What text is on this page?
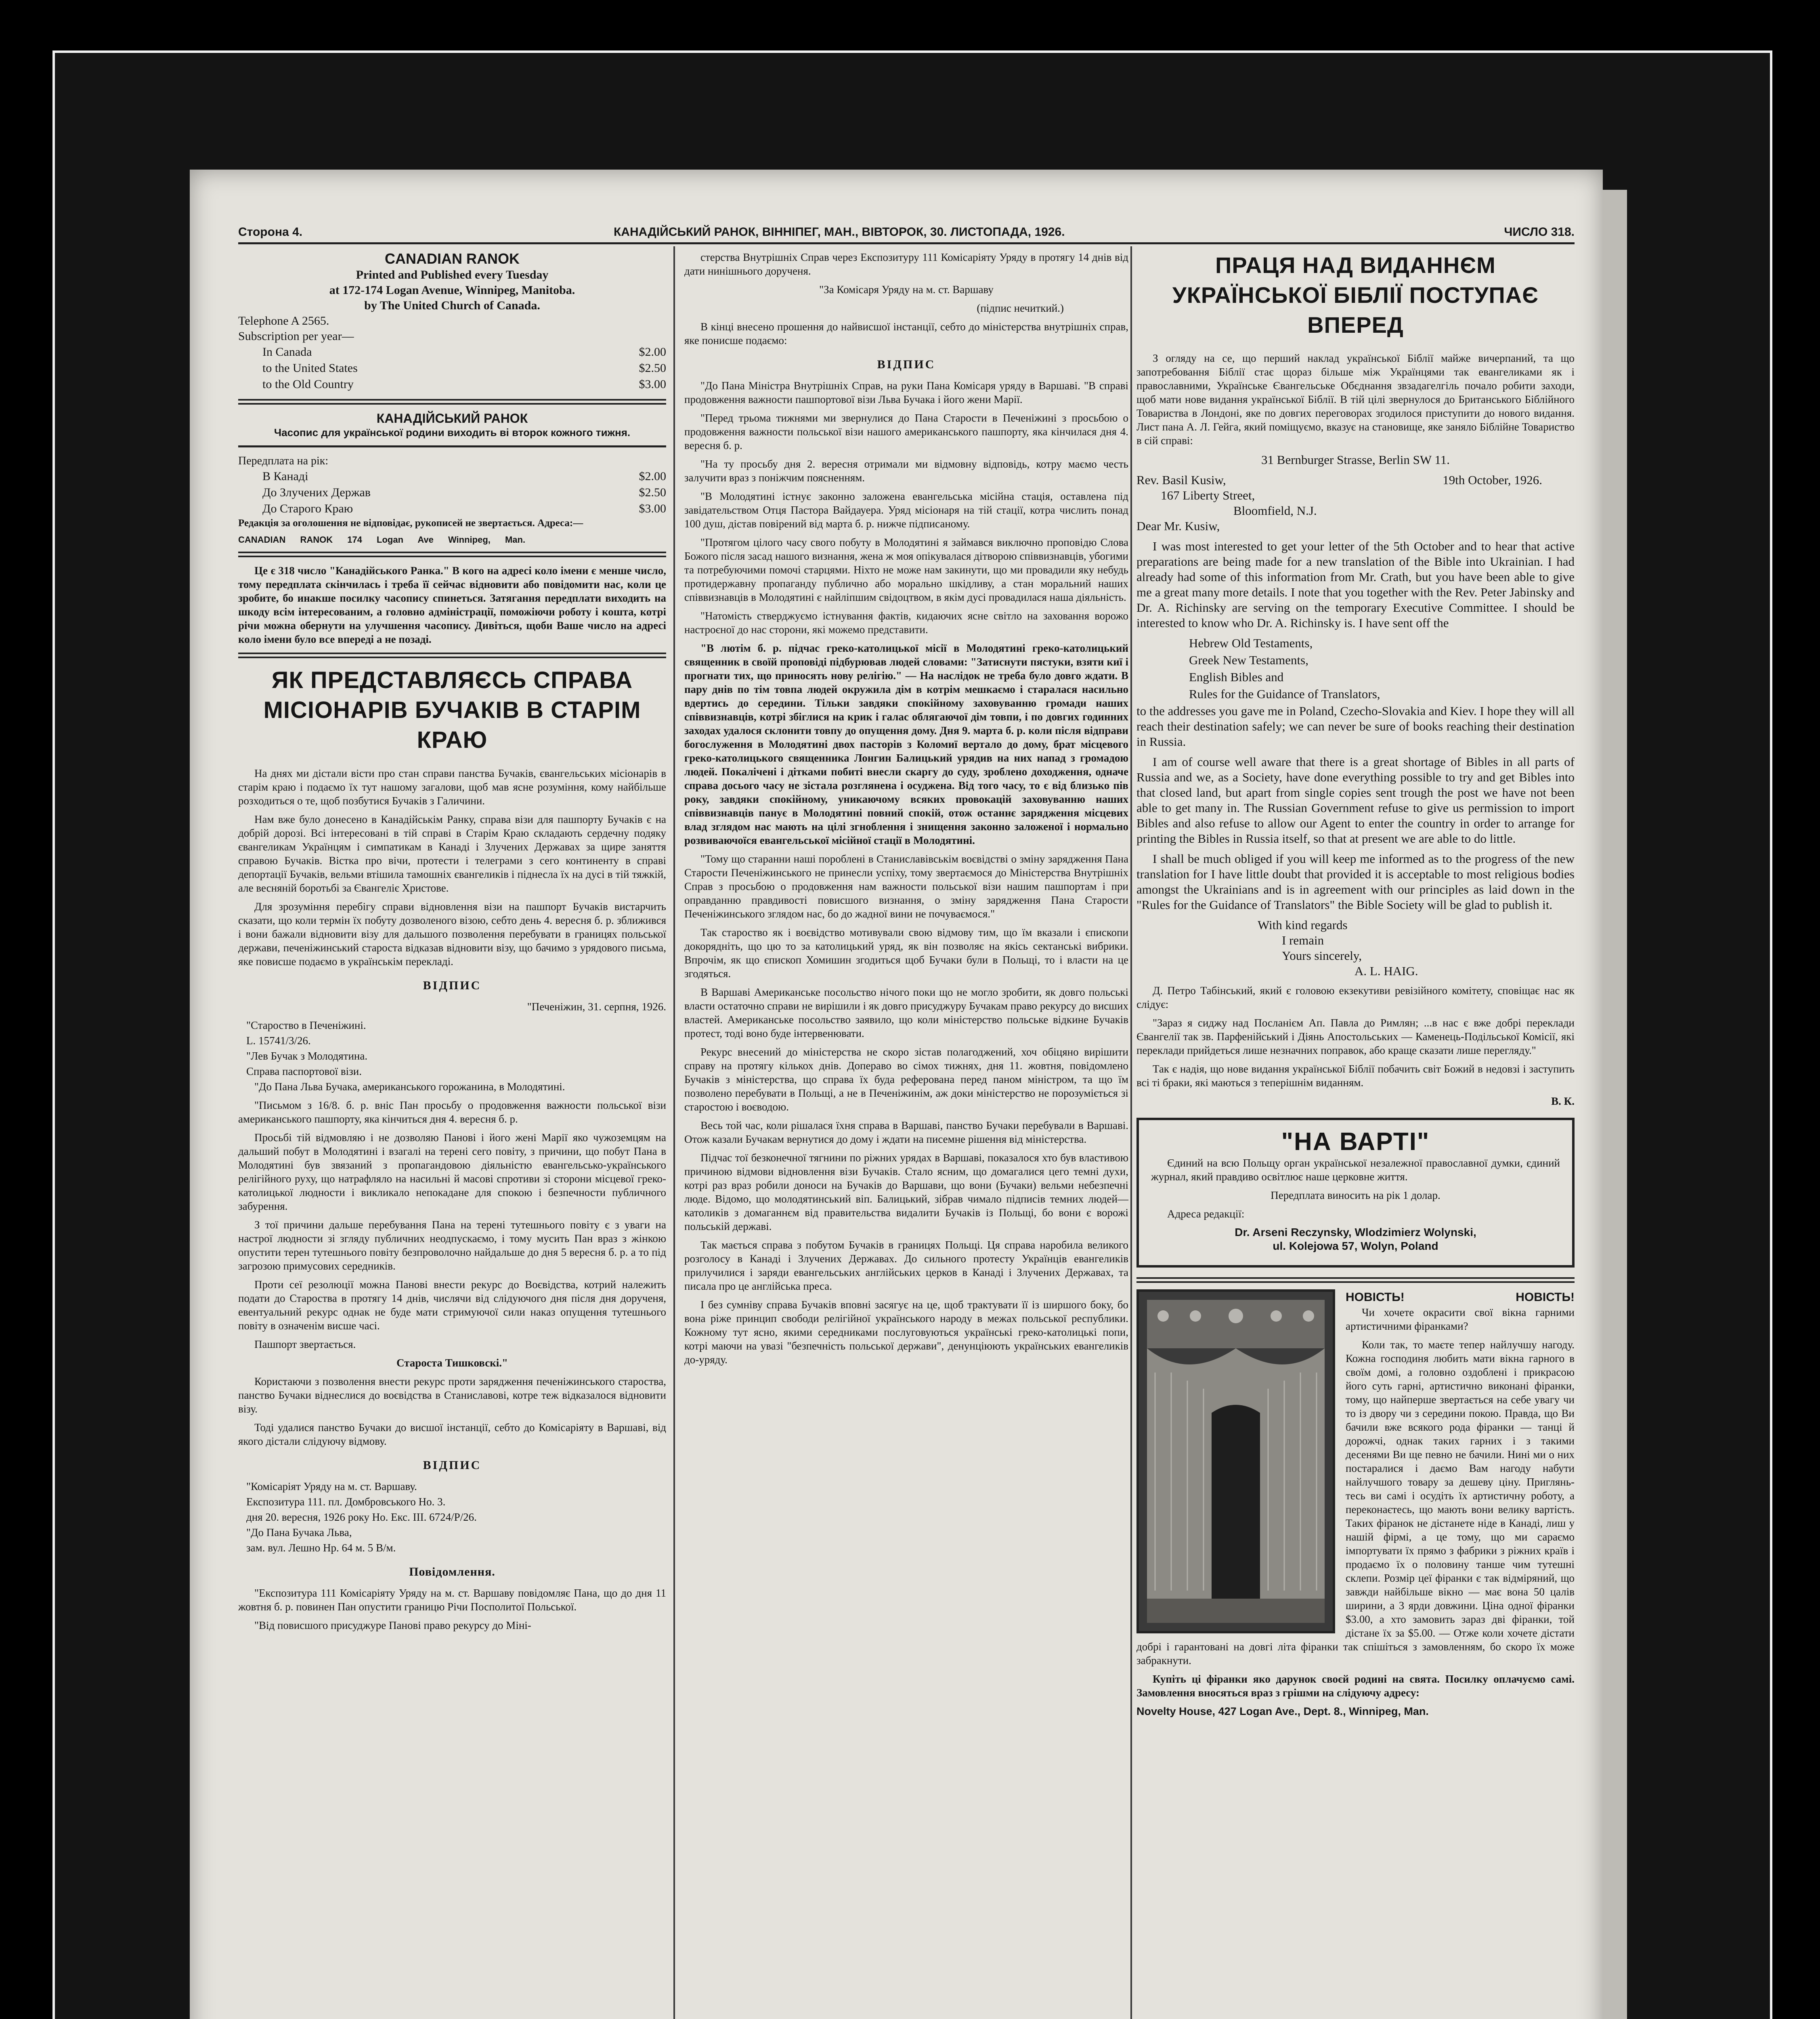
Сторона 4.	КАНАДІЙСЬКИЙ РАНОК, ВІННІПЕГ, МАН., ВІВТОРОК, 30. ЛИСТОПАДА, 1926.	ЧИСЛО 318.
CANADIAN RANOK
Printed and Published every Tuesday
at 172-174 Logan Avenue, Winnipeg, Manitoba.
by The United Church of Canada.
Telephone A 2565.
Subscription per year—
In Canada	$2.00
to the United States	$2.50
to the Old Country	$3.00
КАНАДІЙСЬКИЙ РАНОК
Часопис для української родини виходить ві второк кожного тижня.
Передплата на рік:
В Канаді	$2.00
До Злучених Держав	$2.50
До Старого Краю	$3.00

Редакція за оголошення не відповідає, рукописей не звертається. Адреса:—

CANADIAN RANOK 174 Logan Ave Winnipeg, Man.

Це є 318 число "Канадійського Ранка." В кого на адресі коло імени є менше число, тому передплата скінчилась і треба її сейчас відновити або повідомити нас, коли це зробите, бо инакше посилку часопису спинеться. Затягання передплати виходить на шкоду всім інтересованим, а головно адміністрації, поможіючи роботу і кошта, котрі річи можна обернути на улучшення часопису. Дивіться, щоби Ваше число на адресі коло імени було все впереді а не позаді.

ЯК ПРЕДСТАВЛЯЄСЬ СПРАВА МІСІОНАРІВ БУЧАКІВ В СТАРІМ КРАЮ

На днях ми дістали вісти про стан справи панства Бучаків, євангельських місіонарів в старім краю і подаємо їх тут нашому загалови, щоб мав ясне розуміння, кому найбільше розходиться о те, щоб позбутися Бучаків з Галичини.

Нам вже було донесено в Канадійськім Ранку, справа візи для пашпорту Бучаків є на добрій дорозі. Всі інтересовані в тій справі в Старім Краю складають сердечну подяку євангеликам Українцям і симпатикам в Канаді і Злучених Державах за щире заняття справою Бучаків. Вістка про вічи, протести і телеграми з сего континенту в справі депортації Бучаків, вельми втішила тамошніх євангеликів і піднесла їх на дусі в тій тяжкій, але весняній боротьбі за Євангеліє Христове.

Для зрозуміння перебігу справи відновлення візи на пашпорт Бучаків вистарчить сказати, що коли термін їх побуту дозволеного візою, себто день 4. вересня б. р. зближився і вони бажали відновити візу для дальшого позволення перебувати в границях польської держави, печеніжинський староста відказав відновити візу, що бачимо з урядового письма, яке повисше подаємо в українськім перекладі.

ВІДПИС

"Печеніжин, 31. серпня, 1926.

"Староство в Печеніжині.

L. 15741/3/26.

"Лев Бучак з Молодятина.

Справа паспортової візи.

"До Пана Льва Бучака, американського горожанина, в Молодятині.

"Письмом з 16/8. б. р. вніс Пан просьбу о продовження важности польської візи американського пашпорту, яка кінчиться дня 4. вересня б. р.

Просьбі тій відмовляю і не дозволяю Панові і його жені Марії яко чужоземцям на дальший побут в Молодятині і взагалі на терені сего повіту, з причини, що побут Пана в Молодятині був звязаний з пропагандовою діяльністю евангельсько-українського релігійного руху, що натрафляло на насильні й масові спротиви зі сторони місцевої греко-католицької людности і викликало непокадане для спокою і безпечности публичного забурення.

З тої причини дальше перебування Пана на терені тутешнього повіту є з уваги на настрої людности зі згляду публичних неодпускаємо, і тому мусить Пан враз з жінкою опустити терен тутешнього повіту безпроволочно найдальше до дня 5 вересня б. р. а то під загрозою примусових середників.

Проти сеї резолюції можна Панові внести рекурс до Воєвідства, котрий належить подати до Староства в протягу 14 днів, числячи від слідуючого дня після дня дорученя, евентуальний рекурс однак не буде мати стримуючої сили наказ опущення тутешнього повіту в означенім висше часі.

Пашпорт звертається.

Староста Тишковскі."

Користаючи з позволення внести рекурс проти зарядження печеніжинського староства, панство Бучаки віднеслися до воєвідства в Станиславові, котре теж відказалося відновити візу.

Тоді удалися панство Бучаки до висшої інстанції, себто до Комісаріяту в Варшаві, від якого дістали слідуючу відмову.

ВІДПИС

"Комісаріят Уряду на м. ст. Варшаву.

Експозитура 111. пл. Домбровського Но. 3.

дня 20. вересня, 1926 року Но. Екс. ІІІ. 6724/Р/26.

"До Пана Бучака Льва,

зам. вул. Лешно Нр. 64 м. 5 В/м.

Повідомлення.

"Експозитура 111 Комісаріяту Уряду на м. ст. Варшаву повідомляє Пана, що до дня 11 жовтня б. р. повинен Пан опустити границю Річи Посполитої Польської.

"Від повисшого присуджуре Панові право рекурсу до Міні-

стерства Внутрішніх Справ через Експозитуру 111 Комісаріяту Уряду в протягу 14 днів від дати нинішнього дорученя.

"За Комісаря Уряду на м. ст. Варшаву

(підпис нечиткий.)

В кінці внесено прошення до найвисшої інстанції, себто до міністерства внутрішніх справ, яке понисше подаємо:

ВІДПИС

"До Пана Міністра Внутрішніх Справ, на руки Пана Комісаря уряду в Варшаві. "В справі продовження важности пашпортової візи Льва Бучака і його жени Марії.

"Перед трьома тижнями ми звернулися до Пана Старости в Печеніжині з просьбою о продовження важности польської візи нашого американського пашпорту, яка кінчилася дня 4. вересня б. р.

"На ту просьбу дня 2. вересня отримали ми відмовну відповідь, котру маємо честь залучити враз з поніжчим поясненням.

"В Молодятині істнує законно заложена евангельська місійна стація, оставлена під завідательством Отця Пастора Вайдауера. Уряд місіонаря на тій стації, котра числить понад 100 душ, дістав повірений від марта б. р. нижче підписаному.

"Протягом цілого часу свого побуту в Молодятині я займався виключно проповідю Слова Божого після засад нашого визнання, жена ж моя опікувалася дітворою співвизнавців, убогими та потребуючими помочі старцями. Ніхто не може нам закинути, що ми провадили яку небудь протидержавну пропаганду публично або морально шкідливу, а стан моральний наших співвизнавців в Молодятині є найліпшим свідоцтвом, в якім дусі провадилася наша діяльність.

"Натомість стверджуємо істнування фактів, кидаючих ясне світло на заховання ворожо настроєної до нас сторони, які можемо представити.

"В лютім б. р. підчас греко-католицької місії в Молодятині греко-католицький священник в своїй проповіді підбурював людей словами: "Затиснути пястуки, взяти киї і прогнати тих, що приносять нову релігію." — На наслідок не треба було довго ждати. В пару днів по тім товпа людей окружила дім в котрім мешкаємо і старалася насильно вдертись до середини. Тільки завдяки спокійному заховуванню громади наших співвизнавців, котрі збіглися на крик і галас облягаючої дім товпи, і по довгих годинних заходах удалося склонити товпу до опущення дому. Дня 9. марта б. р. коли після відправи богослуження в Молодятині двох пасторів з Коломиї вертало до дому, брат місцевого греко-католицького священника Лонгин Балицький урядив на них напад з громадою людей. Покалічені і дітками побиті внесли скаргу до суду, зроблено доходження, одначе справа досього часу не зістала розглянена і осуджена. Від того часу, то є від близько пів року, завдяки спокійному, уникаючому всяких провокацій заховуванню наших співвизнавців панує в Молодятині повний спокій, отож останнє зарядження місцевих влад зглядом нас мають на цілі згноблення і знищення законно заложеної і нормально розвиваючоїся евангельської місійної стації в Молодятині.

"Тому що старанни наші пороблені в Станиславівськім воєвідстві о зміну зарядження Пана Старости Печеніжинського не принесли успіху, тому звертаємося до Міністерства Внутрішніх Справ з просьбою о продовження нам важности польської візи нашим пашпортам і при оправданню правдивості повисшого визнання, о зміну зарядження Пана Старости Печеніжинського зглядом нас, бо до жадної вини не почуваємося."

Так староство як і воєвідство мотивували свою відмову тим, що їм вказали і єпископи докорядніть, що цю то за католицький уряд, як він позволяє на якісь сектанські вибрики. Впрочім, як що єпископ Хомишин згодиться щоб Бучаки були в Польщі, то і власти на це згодяться.

В Варшаві Американське посольство нічого поки що не могло зробити, як довго польські власти остаточно справи не вирішили і як довго присуджуру Бучакам право рекурсу до висших властей. Американське посольство заявило, що коли міністерство польське відкине Бучаків протест, тоді воно буде інтервенювати.

Рекурс внесений до міністерства не скоро зістав полагоджений, хоч обіцяно вирішити справу на протягу кількох днів. Допераво во сімох тижнях, дня 11. жовтня, повідомлено Бучаків з міністерства, що справа їх буда реферована перед паном міністром, та що їм позволено перебувати в Польщі, а не в Печеніжинім, аж доки міністерство не порозуміється зі старостою і воєводою.

Весь той час, коли рішалася їхня справа в Варшаві, панство Бучаки перебували в Варшаві. Отож казали Бучакам вернутися до дому і ждати на писемне рішення від міністерства.

Підчас тої безконечної тягнини по ріжних урядах в Варшаві, показалося хто був властивою причиною відмови відновлення візи Бучаків. Стало ясним, що домагалися цего темні духи, котрі раз враз робили доноси на Бучаків до Варшави, що вони (Бучаки) вельми небезпечні люде. Відомо, що молодятинський віп. Балицький, зібрав чимало підписів темних людей—католиків з домаганнєм від правительства видалити Бучаків із Польщі, бо вони є ворожі польській державі.

Так мається справа з побутом Бучаків в границях Польщі. Ця справа наробила великого розголосу в Канаді і Злучених Державах. До сильного протесту Українців евангеликів прилучилися і заряди евангельських англійських церков в Канаді і Злучених Державах, та писала про це англійська преса.

І без сумніву справа Бучаків вповні засягує на це, щоб трактувати її із ширшого боку, бо вона ріже принцип свободи релігійної українського народу в межах польської республики. Кожному тут ясно, якими середниками послуговуються українські греко-католицькі попи, котрі маючи на увазі "безпечність польської держави", денунціюють українських евангеликів до-уряду.

ПРАЦЯ НАД ВИДАННЄМ УКРАЇНСЬКОЇ БІБЛІЇ ПОСТУПАЄ ВПЕРЕД

З огляду на се, що перший наклад української Біблії майже вичерпаний, та що запотребовання Біблії стає щораз більше між Українцями так евангеликами як і православними, Українське Євангельське Обєднання звзадагелгіль почало робити заходи, щоб мати нове видання української Біблії. В тій цілі звернулося до Британського Біблійного Товариства в Лондоні, яке по довгих переговорах згодилося приступити до нового видання. Лист пана А. Л. Гейга, який поміщуємо, вказує на становище, яке заняло Біблійне Товариство в сій справі:

31 Bernburger Strasse, Berlin SW 11.

Rev. Basil Kusiw,	19th October, 1926.

167 Liberty Street,

Bloomfield, N.J.

Dear Mr. Kusiw,

I was most interested to get your letter of the 5th October and to hear that active preparations are being made for a new translation of the Bible into Ukrainian. I had already had some of this information from Mr. Crath, but you have been able to give me a great many more details. I note that you together with the Rev. Peter Jabinsky and Dr. A. Richinsky are serving on the temporary Executive Committee. I should be interested to know who Dr. A. Richinsky is. I have sent off the

Hebrew Old Testaments,

Greek New Testaments,

English Bibles and

Rules for the Guidance of Translators,

to the addresses you gave me in Poland, Czecho-Slovakia and Kiev. I hope they will all reach their destination safely; we can never be sure of books reaching their destination in Russia.

I am of course well aware that there is a great shortage of Bibles in all parts of Russia and we, as a Society, have done everything possible to try and get Bibles into that closed land, but apart from single copies sent trough the post we have not been able to get many in. The Russian Government refuse to give us permission to import Bibles and also refuse to allow our Agent to enter the country in order to arrange for printing the Bibles in Russia itself, so that at present we are able to do little.

I shall be much obliged if you will keep me informed as to the progress of the new translation for I have little doubt that provided it is acceptable to most religious bodies amongst the Ukrainians and is in agreement with our principles as laid down in the "Rules for the Guidance of Translators" the Bible Society will be glad to publish it.

With kind regards

I remain

Yours sincerely,

A. L. HAIG.

Д. Петро Табінський, який є головою екзекутиви ревізійного комітету, сповіщає нас як слідує:

"Зараз я сиджу над Посланієм Ап. Павла до Римлян; ...в нас є вже добрі переклади Євангелії так зв. Парфенійський і Діянь Апостольських — Каменець-Подільської Комісії, які переклади прийдеться лише незначних поправок, або краще сказати лише перегляду."

Так є надія, що нове видання української Біблії побачить світ Божий в недовзі і заступить всі ті браки, які маються з теперішнім виданням.

В. К.

"НА ВАРТІ"

Єдиний на всю Польщу орган української незалежної православної думки, єдиний журнал, який правдиво освітлює наше церковне життя.

Передплата виносить на рік 1 долар.

Адреса редакції:

Dr. Arseni Reczynsky, Wlodzimierz Wolynski,

ul. Kolejowa 57, Wolyn, Poland

НОВІСТЬ!	НОВІСТЬ!

Чи хочете окрасити свої вікна гарними артистичними фіранками?

Коли так, то маєте тепер найлучшу нагоду. Кожна господиня любить мати вікна гарного в своїм домі, а головно оздоблені і прикрасою його суть гарні, артистично виконані фіранки, тому, що найперше звертається на себе увагу чи то із двору чи з середини покою. Правда, що Ви бачили вже всякого рода фіранки — танці й дорожчі, однак таких гарних і з такими десенями Ви ще певно не бачили. Нині ми о них постаралися і даємо Вам нагоду набути найлучшого товару за дешеву ціну. Приглянь-тесь ви самі і осудіть їх артистичну роботу, а переконаєтесь, що мають вони велику вартість. Таких фіранок не дістанете ніде в Канаді, лиш у нашій фірмі, а це тому, що ми сараємо імпортувати їх прямо з фабрики з ріжних країв і продаємо їх о половину танше чим тутешні склепи. Розмір цеї фіранки є так відміряний, що завжди найбільше вікно — має вона 50 цалів ширини, а 3 ярди довжини. Ціна одної фіранки $3.00, а хто замовить зараз дві фіранки, той дістане їх за $5.00. — Отже коли хочете дістати добрі і гарантовані на довгі літа фіранки так спішіться з замовленням, бо скоро їх може забракнути.

Купіть ці фіранки яко дарунок своєй родині на свята. Посилку оплачуємо самі. Замовлення вносяться враз з грішми на слідуючу адресу:

Novelty House, 427 Logan Ave., Dept. 8., Winnipeg, Man.
